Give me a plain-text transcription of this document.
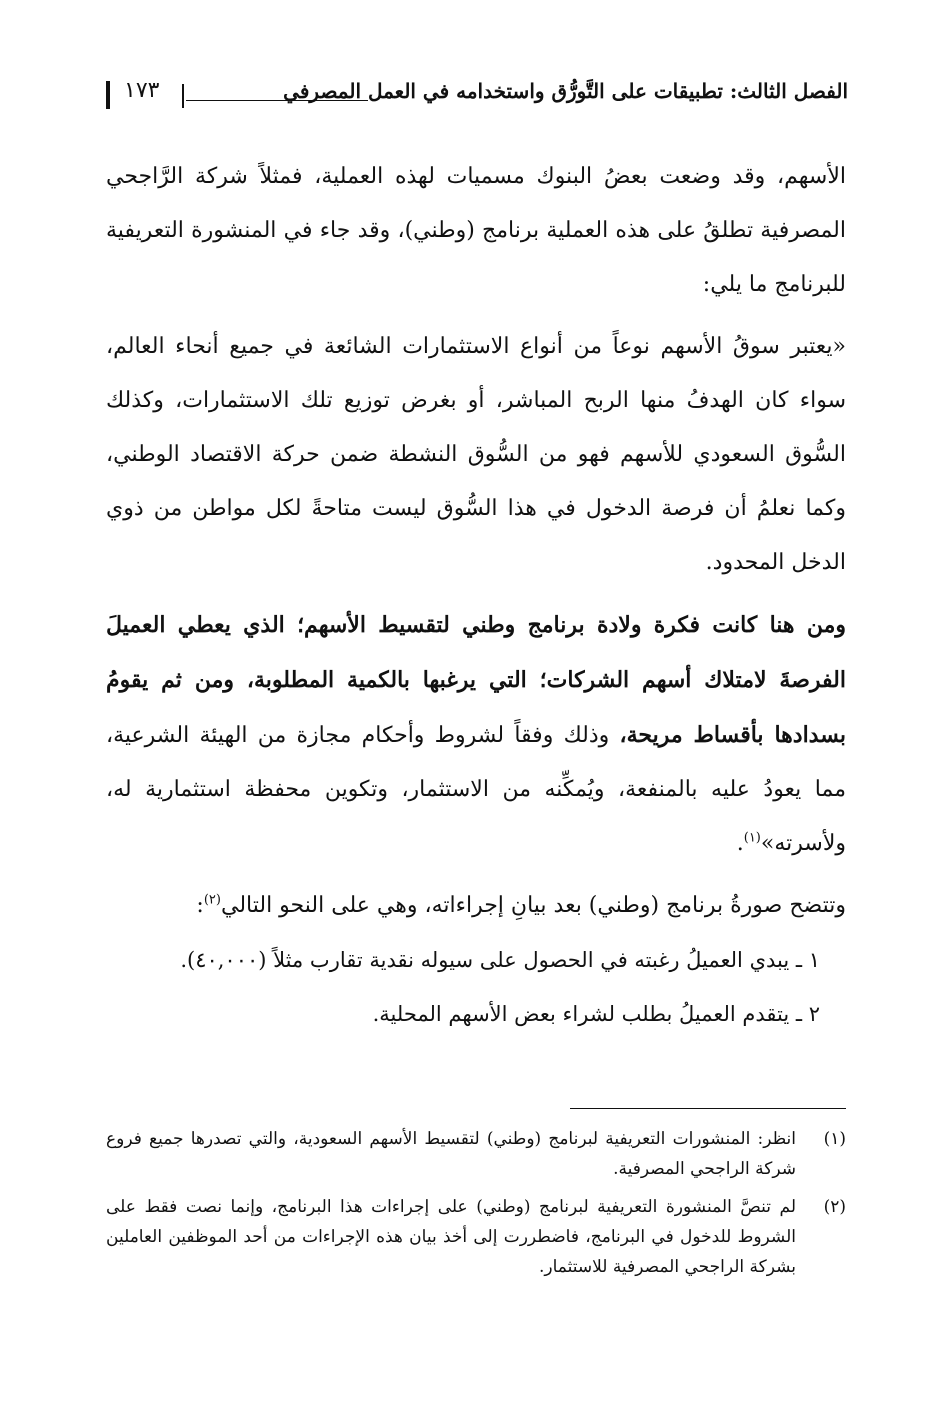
الفصل الثالث: تطبيقات على التَّورُّق واستخدامه في العمل المصرفي
١٧٣

الأسهم، وقد وضعت بعضُ البنوك مسميات لهذه العملية، فمثلاً شركة الرَّاجحي المصرفية تطلقُ على هذه العملية برنامج (وطني)، وقد جاء في المنشورة التعريفية للبرنامج ما يلي:

«يعتبر سوقُ الأسهم نوعاً من أنواع الاستثمارات الشائعة في جميع أنحاء العالم، سواء كان الهدفُ منها الربح المباشر، أو بغرض توزيع تلك الاستثمارات، وكذلك السُّوق السعودي للأسهم فهو من السُّوق النشطة ضمن حركة الاقتصاد الوطني، وكما نعلمُ أن فرصة الدخول في هذا السُّوق ليست متاحةً لكل مواطن من ذوي الدخل المحدود.

ومن هنا كانت فكرة ولادة برنامج وطني لتقسيط الأسهم؛ الذي يعطي العميلَ الفرصةَ لامتلاك أسهم الشركات؛ التي يرغبها بالكمية المطلوبة، ومن ثم يقومُ بسدادها بأقساط مريحة، وذلك وفقاً لشروط وأحكام مجازة من الهيئة الشرعية، مما يعودُ عليه بالمنفعة، ويُمكِّنه من الاستثمار، وتكوين محفظة استثمارية له، ولأسرته»$^{(١)}$.

وتتضح صورةُ برنامج (وطني) بعد بيانِ إجراءاته، وهي على النحو التالي$^{(٢)}$:

١ ـ يبدي العميلُ رغبته في الحصول على سيوله نقدية تقارب مثلاً (٤٠,٠٠٠).

٢ ـ يتقدم العميلُ بطلب لشراء بعض الأسهم المحلية.

(١)
انظر: المنشورات التعريفية لبرنامج (وطني) لتقسيط الأسهم السعودية، والتي تصدرها جميع فروع شركة الراجحي المصرفية.
(٢)
لم تنصَّ المنشورة التعريفية لبرنامج (وطني) على إجراءات هذا البرنامج، وإنما نصت فقط على الشروط للدخول في البرنامج، فاضطررت إلى أخذ بيان هذه الإجراءات من أحد الموظفين العاملين بشركة الراجحي المصرفية للاستثمار.
